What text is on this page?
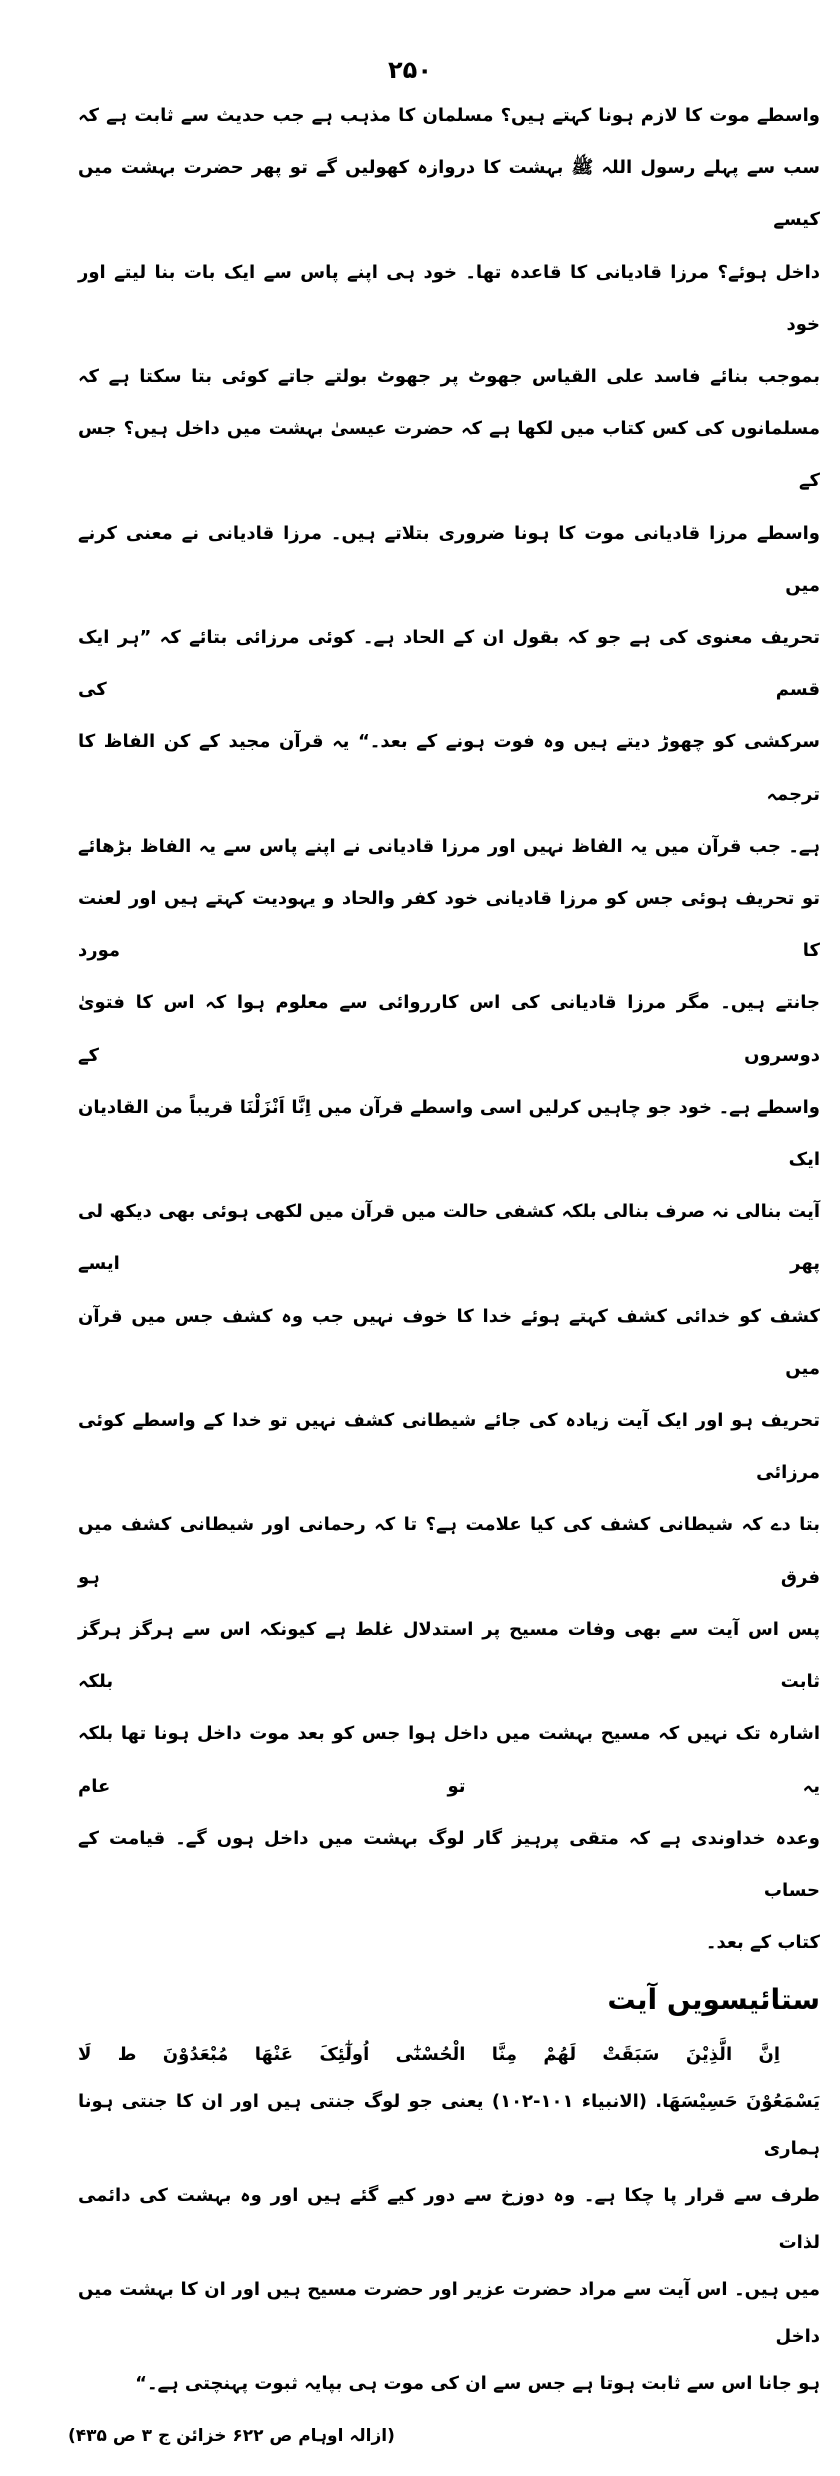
۲۵۰
واسطے موت کا لازم ہونا کہتے ہیں؟ مسلمان کا مذہب ہے جب حدیث سے ثابت ہے کہ
سب سے پہلے رسول اللہ ﷺ بہشت کا دروازہ کھولیں گے تو پھر حضرت بہشت میں کیسے
داخل ہوئے؟ مرزا قادیانی کا قاعدہ تھا۔ خود ہی اپنے پاس سے ایک بات بنا لیتے اور خود
بموجب بنائے فاسد علی القیاس جھوٹ پر جھوٹ بولتے جاتے کوئی بتا سکتا ہے کہ
مسلمانوں کی کس کتاب میں لکھا ہے کہ حضرت عیسیٰ بہشت میں داخل ہیں؟ جس کے
واسطے مرزا قادیانی موت کا ہونا ضروری بتلاتے ہیں۔ مرزا قادیانی نے معنی کرنے میں
تحریف معنوی کی ہے جو کہ بقول ان کے الحاد ہے۔ کوئی مرزائی بتائے کہ ”ہر ایک قسم کی
سرکشی کو چھوڑ دیتے ہیں وہ فوت ہونے کے بعد۔“ یہ قرآن مجید کے کن الفاظ کا ترجمہ
ہے۔ جب قرآن میں یہ الفاظ نہیں اور مرزا قادیانی نے اپنے پاس سے یہ الفاظ بڑھائے
تو تحریف ہوئی جس کو مرزا قادیانی خود کفر والحاد و یہودیت کہتے ہیں اور لعنت کا مورد
جانتے ہیں۔ مگر مرزا قادیانی کی اس کارروائی سے معلوم ہوا کہ اس کا فتویٰ دوسروں کے
واسطے ہے۔ خود جو چاہیں کرلیں اسی واسطے قرآن میں اِنَّا اَنْزَلْنَا قریباً من القادیان ایک
آیت بنالی نہ صرف بنالی بلکہ کشفی حالت میں قرآن میں لکھی ہوئی بھی دیکھ لی پھر ایسے
کشف کو خدائی کشف کہتے ہوئے خدا کا خوف نہیں جب وہ کشف جس میں قرآن میں
تحریف ہو اور ایک آیت زیادہ کی جائے شیطانی کشف نہیں تو خدا کے واسطے کوئی مرزائی
بتا دے کہ شیطانی کشف کی کیا علامت ہے؟ تا کہ رحمانی اور شیطانی کشف میں فرق ہو
پس اس آیت سے بھی وفات مسیح پر استدلال غلط ہے کیونکہ اس سے ہرگز ہرگز ثابت بلکہ
اشارہ تک نہیں کہ مسیح بہشت میں داخل ہوا جس کو بعد موت داخل ہونا تھا بلکہ یہ تو عام
وعدہ خداوندی ہے کہ متقی پرہیز گار لوگ بہشت میں داخل ہوں گے۔ قیامت کے حساب
کتاب کے بعد۔
ستائیسویں آیت
اِنَّ الَّذِیْنَ سَبَقَتْ لَهُمْ مِنَّا الْحُسْنٰٓی اُولٰٓئِکَ عَنْهَا مُبْعَدُوْنَ ط لَا
یَسْمَعُوْنَ حَسِیْسَهَا. (الانبیاء ۱۰۱-۱۰۲) یعنی جو لوگ جنتی ہیں اور ان کا جنتی ہونا ہماری
طرف سے قرار پا چکا ہے۔ وہ دوزخ سے دور کیے گئے ہیں اور وہ بہشت کی دائمی لذات
میں ہیں۔ اس آیت سے مراد حضرت عزیر اور حضرت مسیح ہیں اور ان کا بہشت میں داخل
ہو جانا اس سے ثابت ہوتا ہے جس سے ان کی موت ہی بپایہ ثبوت پہنچتی ہے۔“
(ازالہ اوہام ص ۶۲۲ خزائن ج ۳ ص ۴۳۵)
